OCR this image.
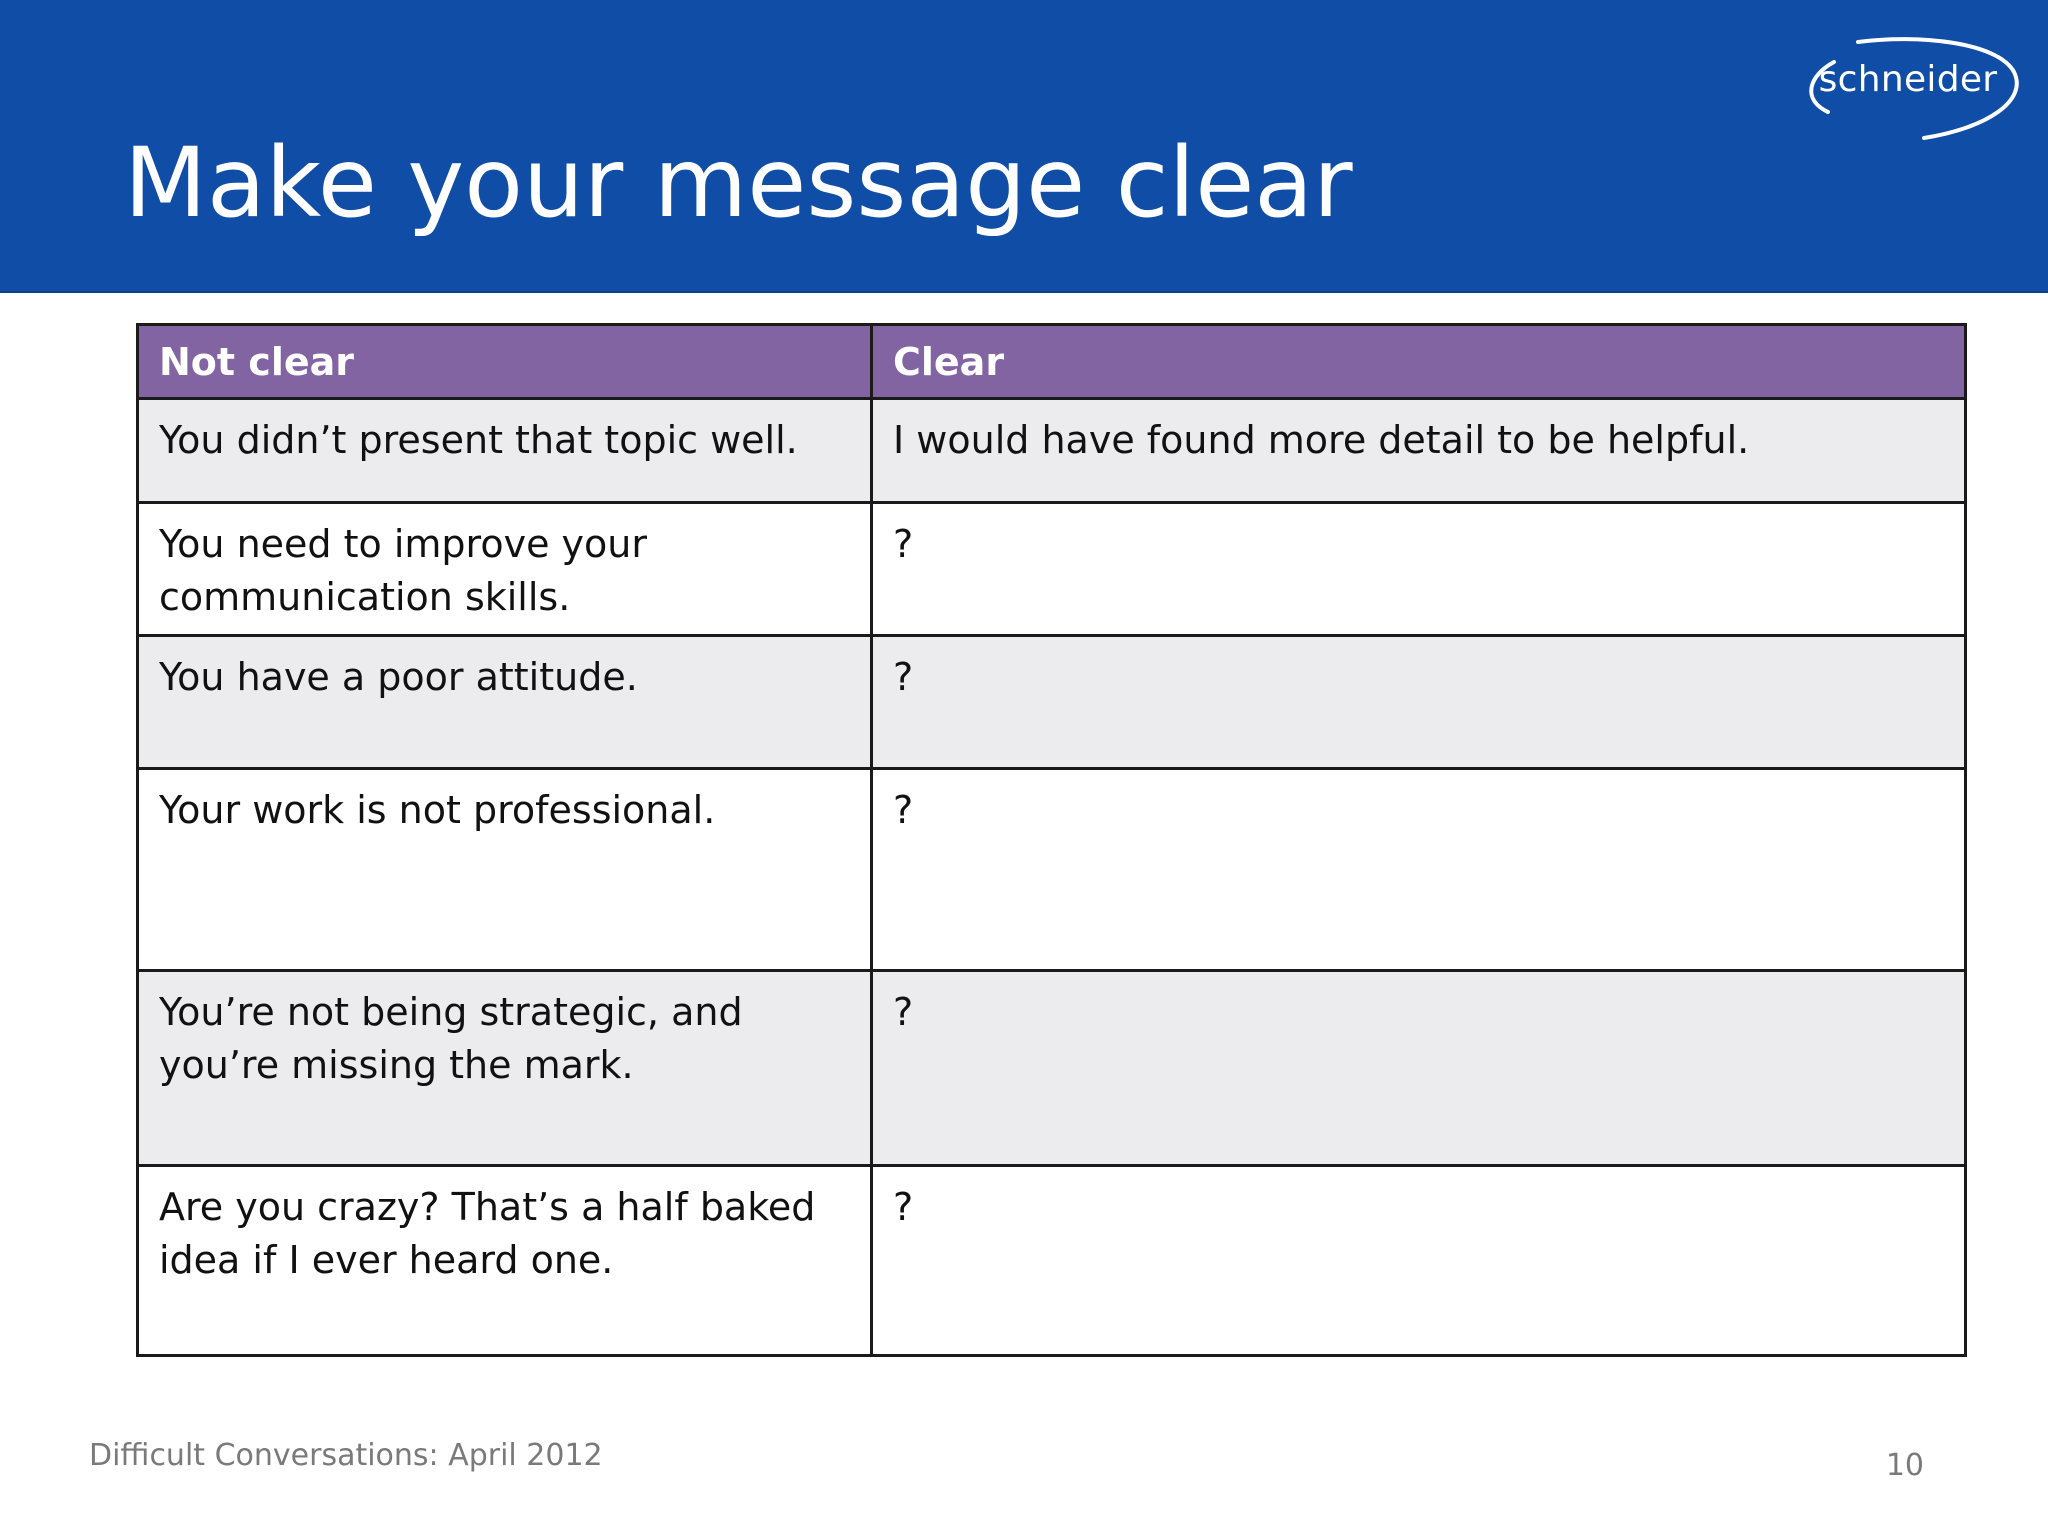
Make your message clear
schneider
Not clear	Clear
You didn’t present that topic well.	I would have found more detail to be helpful.
You need to improve your communication skills.	?
You have a poor attitude.	?
Your work is not professional.	?
You’re not being strategic, and you’re missing the mark.	?
Are you crazy? That’s a half baked idea if I ever heard one.	?
Difficult Conversations: April 2012	10
